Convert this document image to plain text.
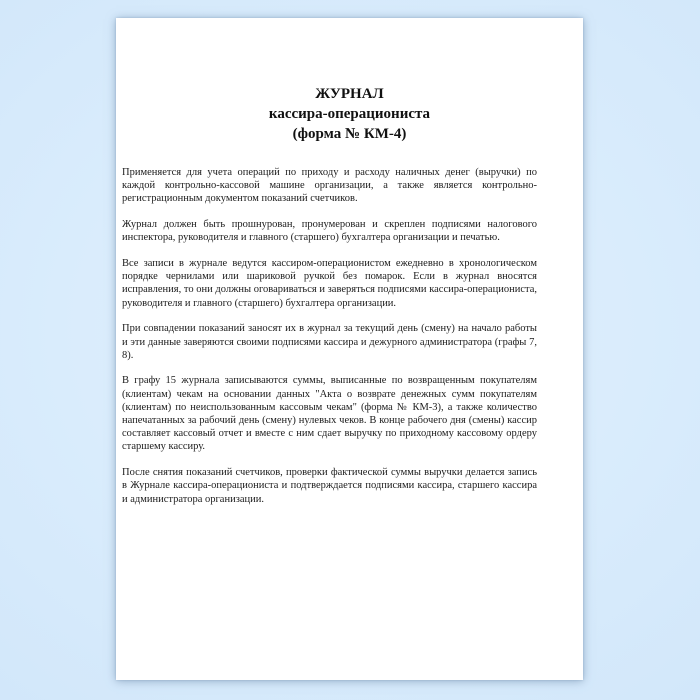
ЖУРНАЛ
кассира-операциониста
(форма № КМ-4)

Применяется для учета операций по приходу и расходу наличных денег (выручки) по каждой контрольно-кассовой машине организации, а также является контрольно-регистрационным документом показаний счетчиков.

Журнал должен быть прошнурован, пронумерован и скреплен подписями налогового инспектора, руководителя и главного (старшего) бухгалтера организации и печатью.

Все записи в журнале ведутся кассиром-операционистом ежедневно в хронологическом порядке чернилами или шариковой ручкой без помарок. Если в журнал вносятся исправления, то они должны оговариваться и заверяться подписями кассира-операциониста, руководителя и главного (старшего) бухгалтера организации.

При совпадении показаний заносят их в журнал за текущий день (смену) на начало работы и эти данные заверяются своими подписями кассира и дежурного администратора (графы 7, 8).

В графу 15 журнала записываются суммы, выписанные по возвращенным покупателям (клиентам) чекам на основании данных "Акта о возврате денежных сумм покупателям (клиентам) по неиспользованным кассовым чекам" (форма № КМ-3), а также количество напечатанных за рабочий день (смену) нулевых чеков. В конце рабочего дня (смены) кассир составляет кассовый отчет и вместе с ним сдает выручку по приходному кассовому ордеру старшему кассиру.

После снятия показаний счетчиков, проверки фактической суммы выручки делается запись в Журнале кассира-операциониста и подтверждается подписями кассира, старшего кассира и администратора организации.
